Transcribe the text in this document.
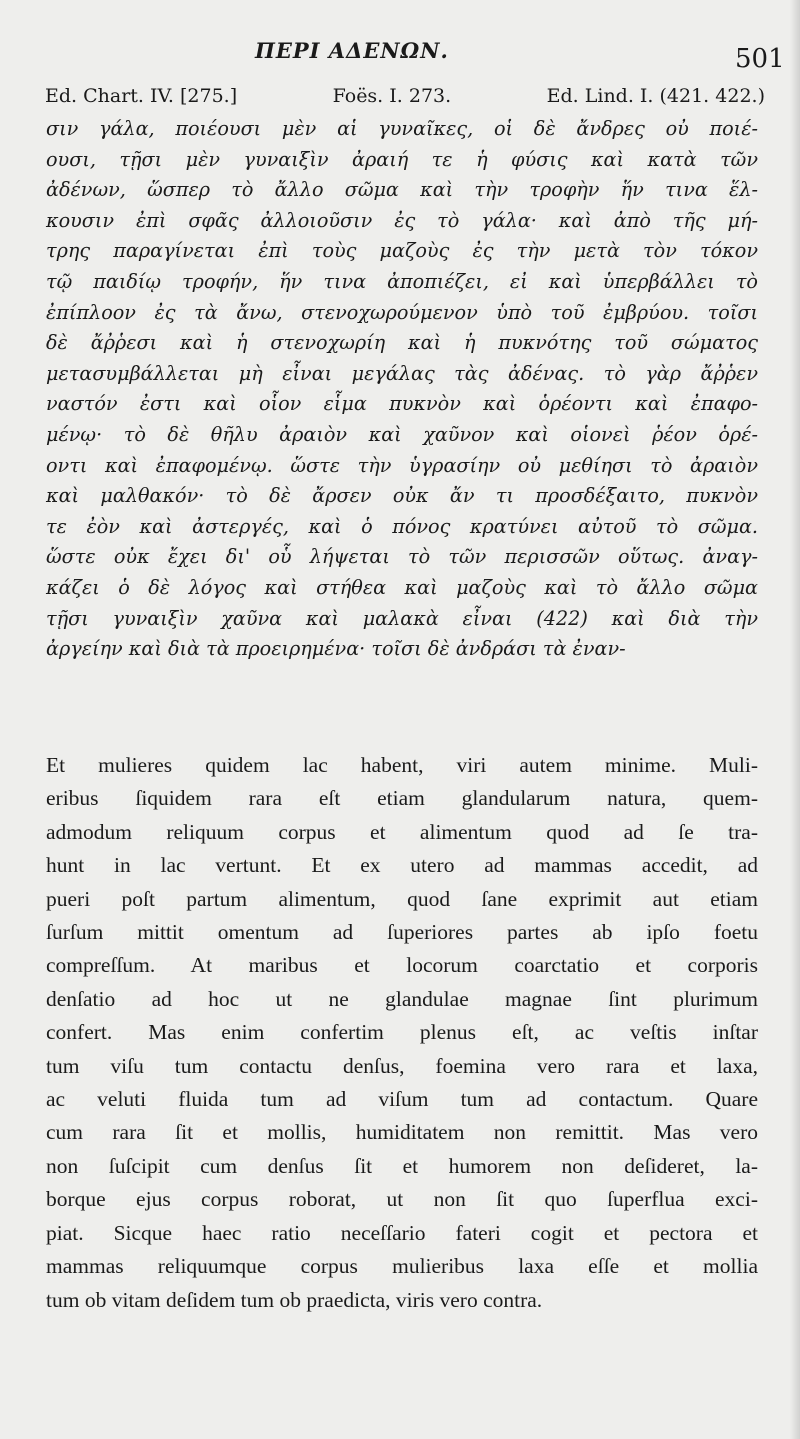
ΠΕΡΙ ΑΔΕΝΩΝ.	501
Ed. Chart. IV. [275.]	Foës. I. 273.	Ed. Lind. I. (421. 422.)
σιν γάλα, ποιέουσι μὲν αἱ γυναῖκες, οἱ δὲ ἄνδρες οὐ ποιέ-
ουσι, τῇσι μὲν γυναιξὶν ἀραιή τε ἡ φύσις καὶ κατὰ τῶν
ἀδένων, ὥσπερ τὸ ἄλλο σῶμα καὶ τὴν τροφὴν ἥν τινα ἕλ-
κουσιν ἐπὶ σφᾶς ἀλλοιοῦσιν ἐς τὸ γάλα· καὶ ἀπὸ τῆς μή-
τρης παραγίνεται ἐπὶ τοὺς μαζοὺς ἐς τὴν μετὰ τὸν τόκον
τῷ παιδίῳ τροφήν, ἥν τινα ἀποπιέζει, εἰ καὶ ὑπερβάλλει τὸ
ἐπίπλοον ἐς τὰ ἄνω, στενοχωρούμενον ὑπὸ τοῦ ἐμβρύου. τοῖσι
δὲ ἄῤῥεσι καὶ ἡ στενοχωρίη καὶ ἡ πυκνότης τοῦ σώματος
μετασυμβάλλεται μὴ εἶναι μεγάλας τὰς ἀδένας. τὸ γὰρ ἄῤῥεν
ναστόν ἐστι καὶ οἷον εἷμα πυκνὸν καὶ ὁρέοντι καὶ ἐπαφο-
μένῳ· τὸ δὲ θῆλυ ἀραιὸν καὶ χαῦνον καὶ οἱονεὶ ῥέον ὁρέ-
οντι καὶ ἐπαφομένῳ. ὥστε τὴν ὑγρασίην οὐ μεθίησι τὸ ἀραιὸν
καὶ μαλθακόν· τὸ δὲ ἄρσεν οὐκ ἄν τι προσδέξαιτο, πυκνὸν
τε ἐὸν καὶ ἀστεργές, καὶ ὁ πόνος κρατύνει αὐτοῦ τὸ σῶμα.
ὥστε οὐκ ἔχει δι' οὗ λήψεται τὸ τῶν περισσῶν οὕτως. ἀναγ-
κάζει ὁ δὲ λόγος καὶ στήθεα καὶ μαζοὺς καὶ τὸ ἄλλο σῶμα
τῇσι γυναιξὶν χαῦνα καὶ μαλακὰ εἶναι (422) καὶ διὰ τὴν
ἀργείην καὶ διὰ τὰ προειρημένα· τοῖσι δὲ ἀνδράσι τὰ ἐναν-
Et mulieres quidem lac habent, viri autem minime. Muli-
eribus ſiquidem rara eſt etiam glandularum natura, quem-
admodum reliquum corpus et alimentum quod ad ſe tra-
hunt in lac vertunt. Et ex utero ad mammas accedit, ad
pueri poſt partum alimentum, quod ſane exprimit aut etiam
ſurſum mittit omentum ad ſuperiores partes ab ipſo foetu
compreſſum. At maribus et locorum coarctatio et corporis
denſatio ad hoc ut ne glandulae magnae ſint plurimum
confert. Mas enim confertim plenus eſt, ac veſtis inſtar
tum viſu tum contactu denſus, foemina vero rara et laxa,
ac veluti fluida tum ad viſum tum ad contactum. Quare
cum rara ſit et mollis, humiditatem non remittit. Mas vero
non ſuſcipit cum denſus ſit et humorem non deſideret, la-
borque ejus corpus roborat, ut non ſit quo ſuperflua exci-
piat. Sicque haec ratio neceſſario fateri cogit et pectora et
mammas reliquumque corpus mulieribus laxa eſſe et mollia
tum ob vitam deſidem tum ob praedicta, viris vero contra.
